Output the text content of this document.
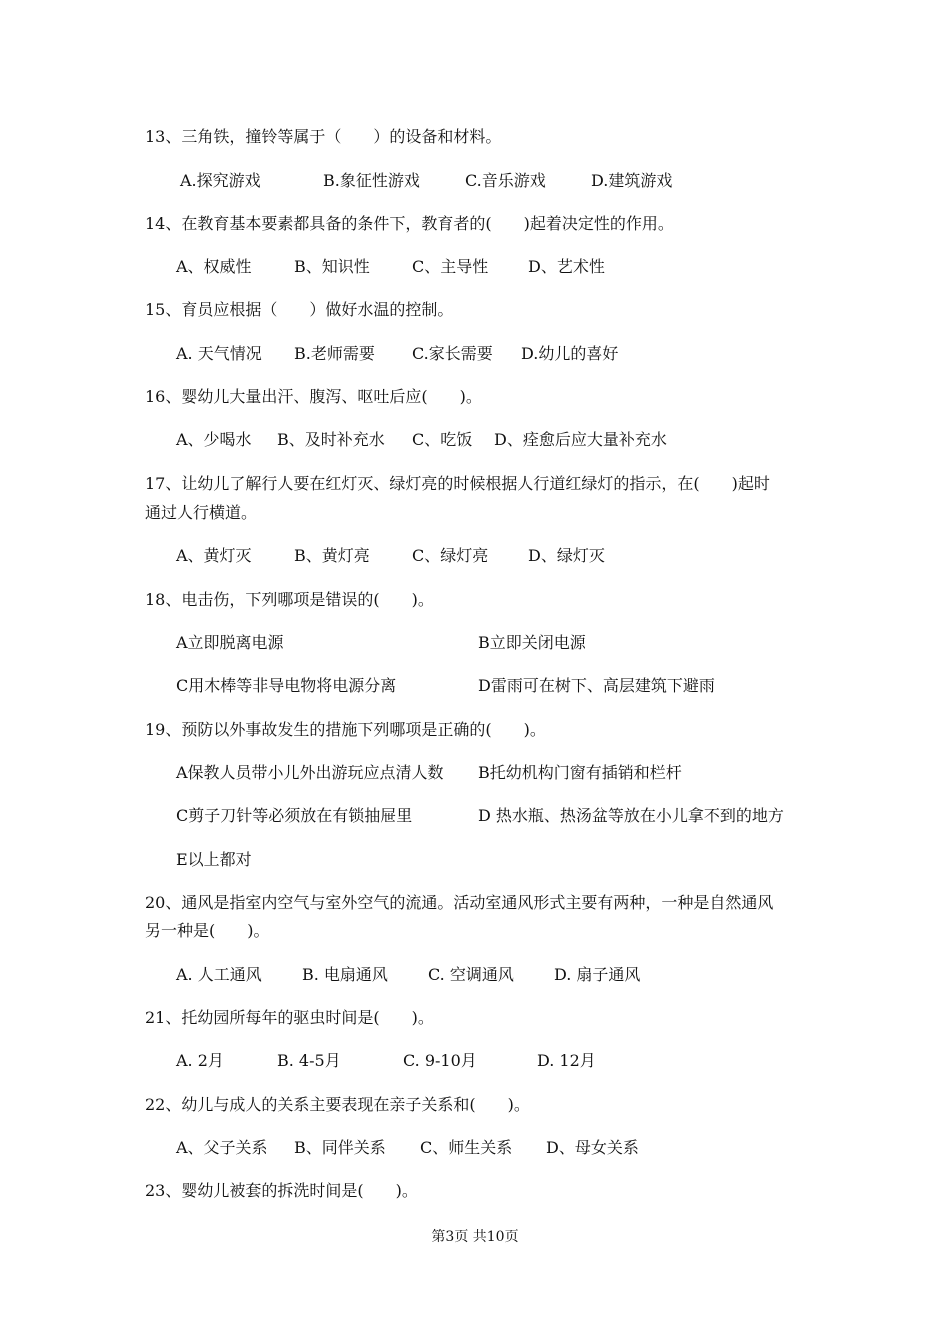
13、三角铁，撞铃等属于（　　）的设备和材料。
A.探究游戏	B.象征性游戏	C.音乐游戏	D.建筑游戏
14、在教育基本要素都具备的条件下，教育者的(　　)起着决定性的作用。
A、权威性	B、知识性	C、主导性 D、艺术性
15、育员应根据（　　）做好水温的控制。
A. 天气情况 B.老师需要 C.家长需要 D.幼儿的喜好
16、婴幼儿大量出汗、腹泻、呕吐后应(　　)。
A、少喝水 B、及时补充水 C、吃饭 D、痊愈后应大量补充水
17、让幼儿了解行人要在红灯灭、绿灯亮的时候根据人行道红绿灯的指示，在(　　)起时
通过人行横道。
A、黄灯灭	B、黄灯亮	C、绿灯亮 D、绿灯灭
18、电击伤，下列哪项是错误的(　　)。
A立即脱离电源	B立即关闭电源
C用木棒等非导电物将电源分离	D雷雨可在树下、高层建筑下避雨
19、预防以外事故发生的措施下列哪项是正确的(　　)。
A保教人员带小儿外出游玩应点清人数 B托幼机构门窗有插销和栏杆
C剪子刀针等必须放在有锁抽屉里	D 热水瓶、热汤盆等放在小儿拿不到的地方
E以上都对
20、通风是指室内空气与室外空气的流通。活动室通风形式主要有两种，一种是自然通风
另一种是(　　)。
A. 人工通风	B. 电扇通风	C. 空调通风	D. 扇子通风
21、托幼园所每年的驱虫时间是(　　)。
A. 2月	B. 4-5月	C. 9-10月	D. 12月
22、幼儿与成人的关系主要表现在亲子关系和(　　)。
A、父子关系 B、同伴关系 C、师生关系 D、母女关系
23、婴幼儿被套的拆洗时间是(　　)。
第3页 共10页
